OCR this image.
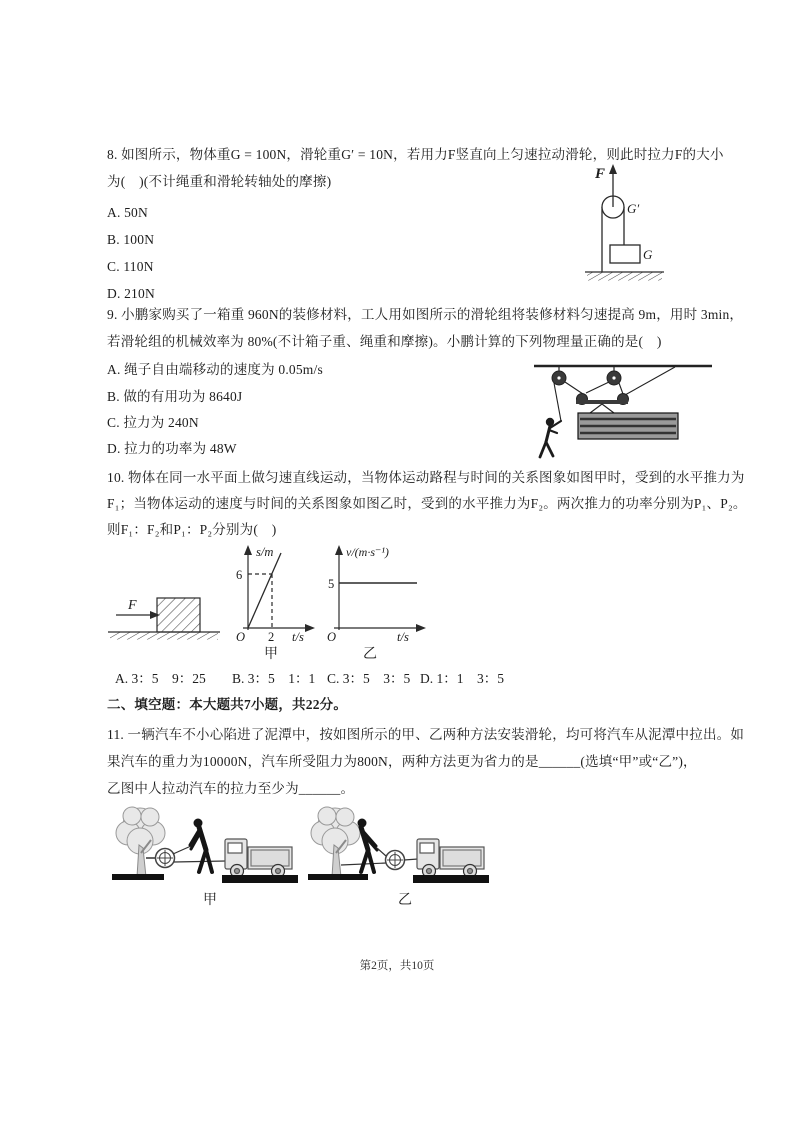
8. 如图所示，物体重G = 100N，滑轮重G′ = 10N，若用力F竖直向上匀速拉动滑轮，则此时拉力F的大小
为(　)(不计绳重和滑轮转轴处的摩擦)
A. 50N
B. 100N
C. 110N
D. 210N
F
G′
G
9. 小鹏家购买了一箱重 960N的装修材料，工人用如图所示的滑轮组将装修材料匀速提高 9m，用时 3min，
若滑轮组的机械效率为 80%(不计箱子重、绳重和摩擦)。小鹏计算的下列物理量正确的是(　)
A. 绳子自由端移动的速度为 0.05m/s
B. 做的有用功为 8640J
C. 拉力为 240N
D. 拉力的功率为 48W
10. 物体在同一水平面上做匀速直线运动，当物体运动路程与时间的关系图象如图甲时，受到的水平推力为
F₁；当物体运动的速度与时间的关系图象如图乙时，受到的水平推力为F₂。两次推力的功率分别为P₁、P₂。
则F₁：F₂和P₁：P₂分别为(　)
F
s/m
6
O 2 t/s
甲
v/(m·s⁻¹)
5
O	t/s
乙
A. 3：5　9：25 B. 3：5　1：1 C. 3：5　3：5 D. 1：1　3：5
二、填空题：本大题共7小题，共22分。
11. 一辆汽车不小心陷进了泥潭中，按如图所示的甲、乙两种方法安装滑轮，均可将汽车从泥潭中拉出。如
果汽车的重力为10000N，汽车所受阻力为800N，两种方法更为省力的是______(选填“甲”或“乙”)，
乙图中人拉动汽车的拉力至少为______。
甲	乙
第2页，共10页
